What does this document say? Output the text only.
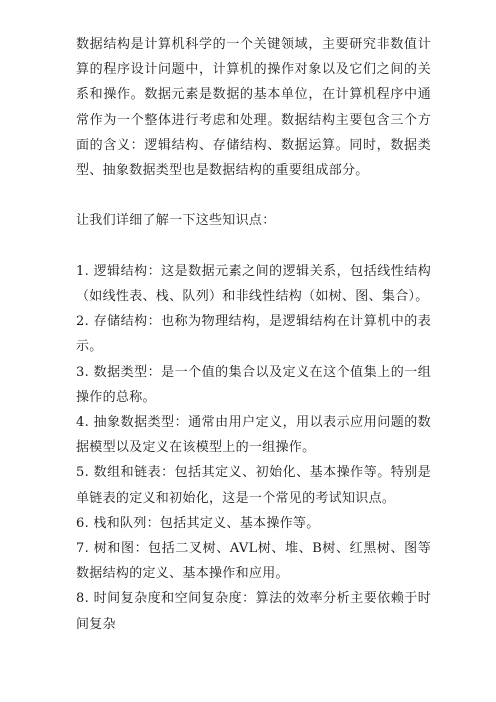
数据结构是计算机科学的一个关键领域，主要研究非数值计算的程序设计问题中，计算机的操作对象以及它们之间的关系和操作。数据元素是数据的基本单位，在计算机程序中通常作为一个整体进行考虑和处理。数据结构主要包含三个方面的含义：逻辑结构、存储结构、数据运算。同时，数据类型、抽象数据类型也是数据结构的重要组成部分。

让我们详细了解一下这些知识点：

1. 逻辑结构：这是数据元素之间的逻辑关系，包括线性结构（如线性表、栈、队列）和非线性结构（如树、图、集合）。

2. 存储结构：也称为物理结构，是逻辑结构在计算机中的表示。

3. 数据类型：是一个值的集合以及定义在这个值集上的一组操作的总称。

4. 抽象数据类型：通常由用户定义，用以表示应用问题的数据模型以及定义在该模型上的一组操作。

5. 数组和链表：包括其定义、初始化、基本操作等。特别是单链表的定义和初始化，这是一个常见的考试知识点。

6. 栈和队列：包括其定义、基本操作等。

7. 树和图：包括二叉树、AVL树、堆、B树、红黑树、图等数据结构的定义、基本操作和应用。

8. 时间复杂度和空间复杂度：算法的效率分析主要依赖于时间复杂
